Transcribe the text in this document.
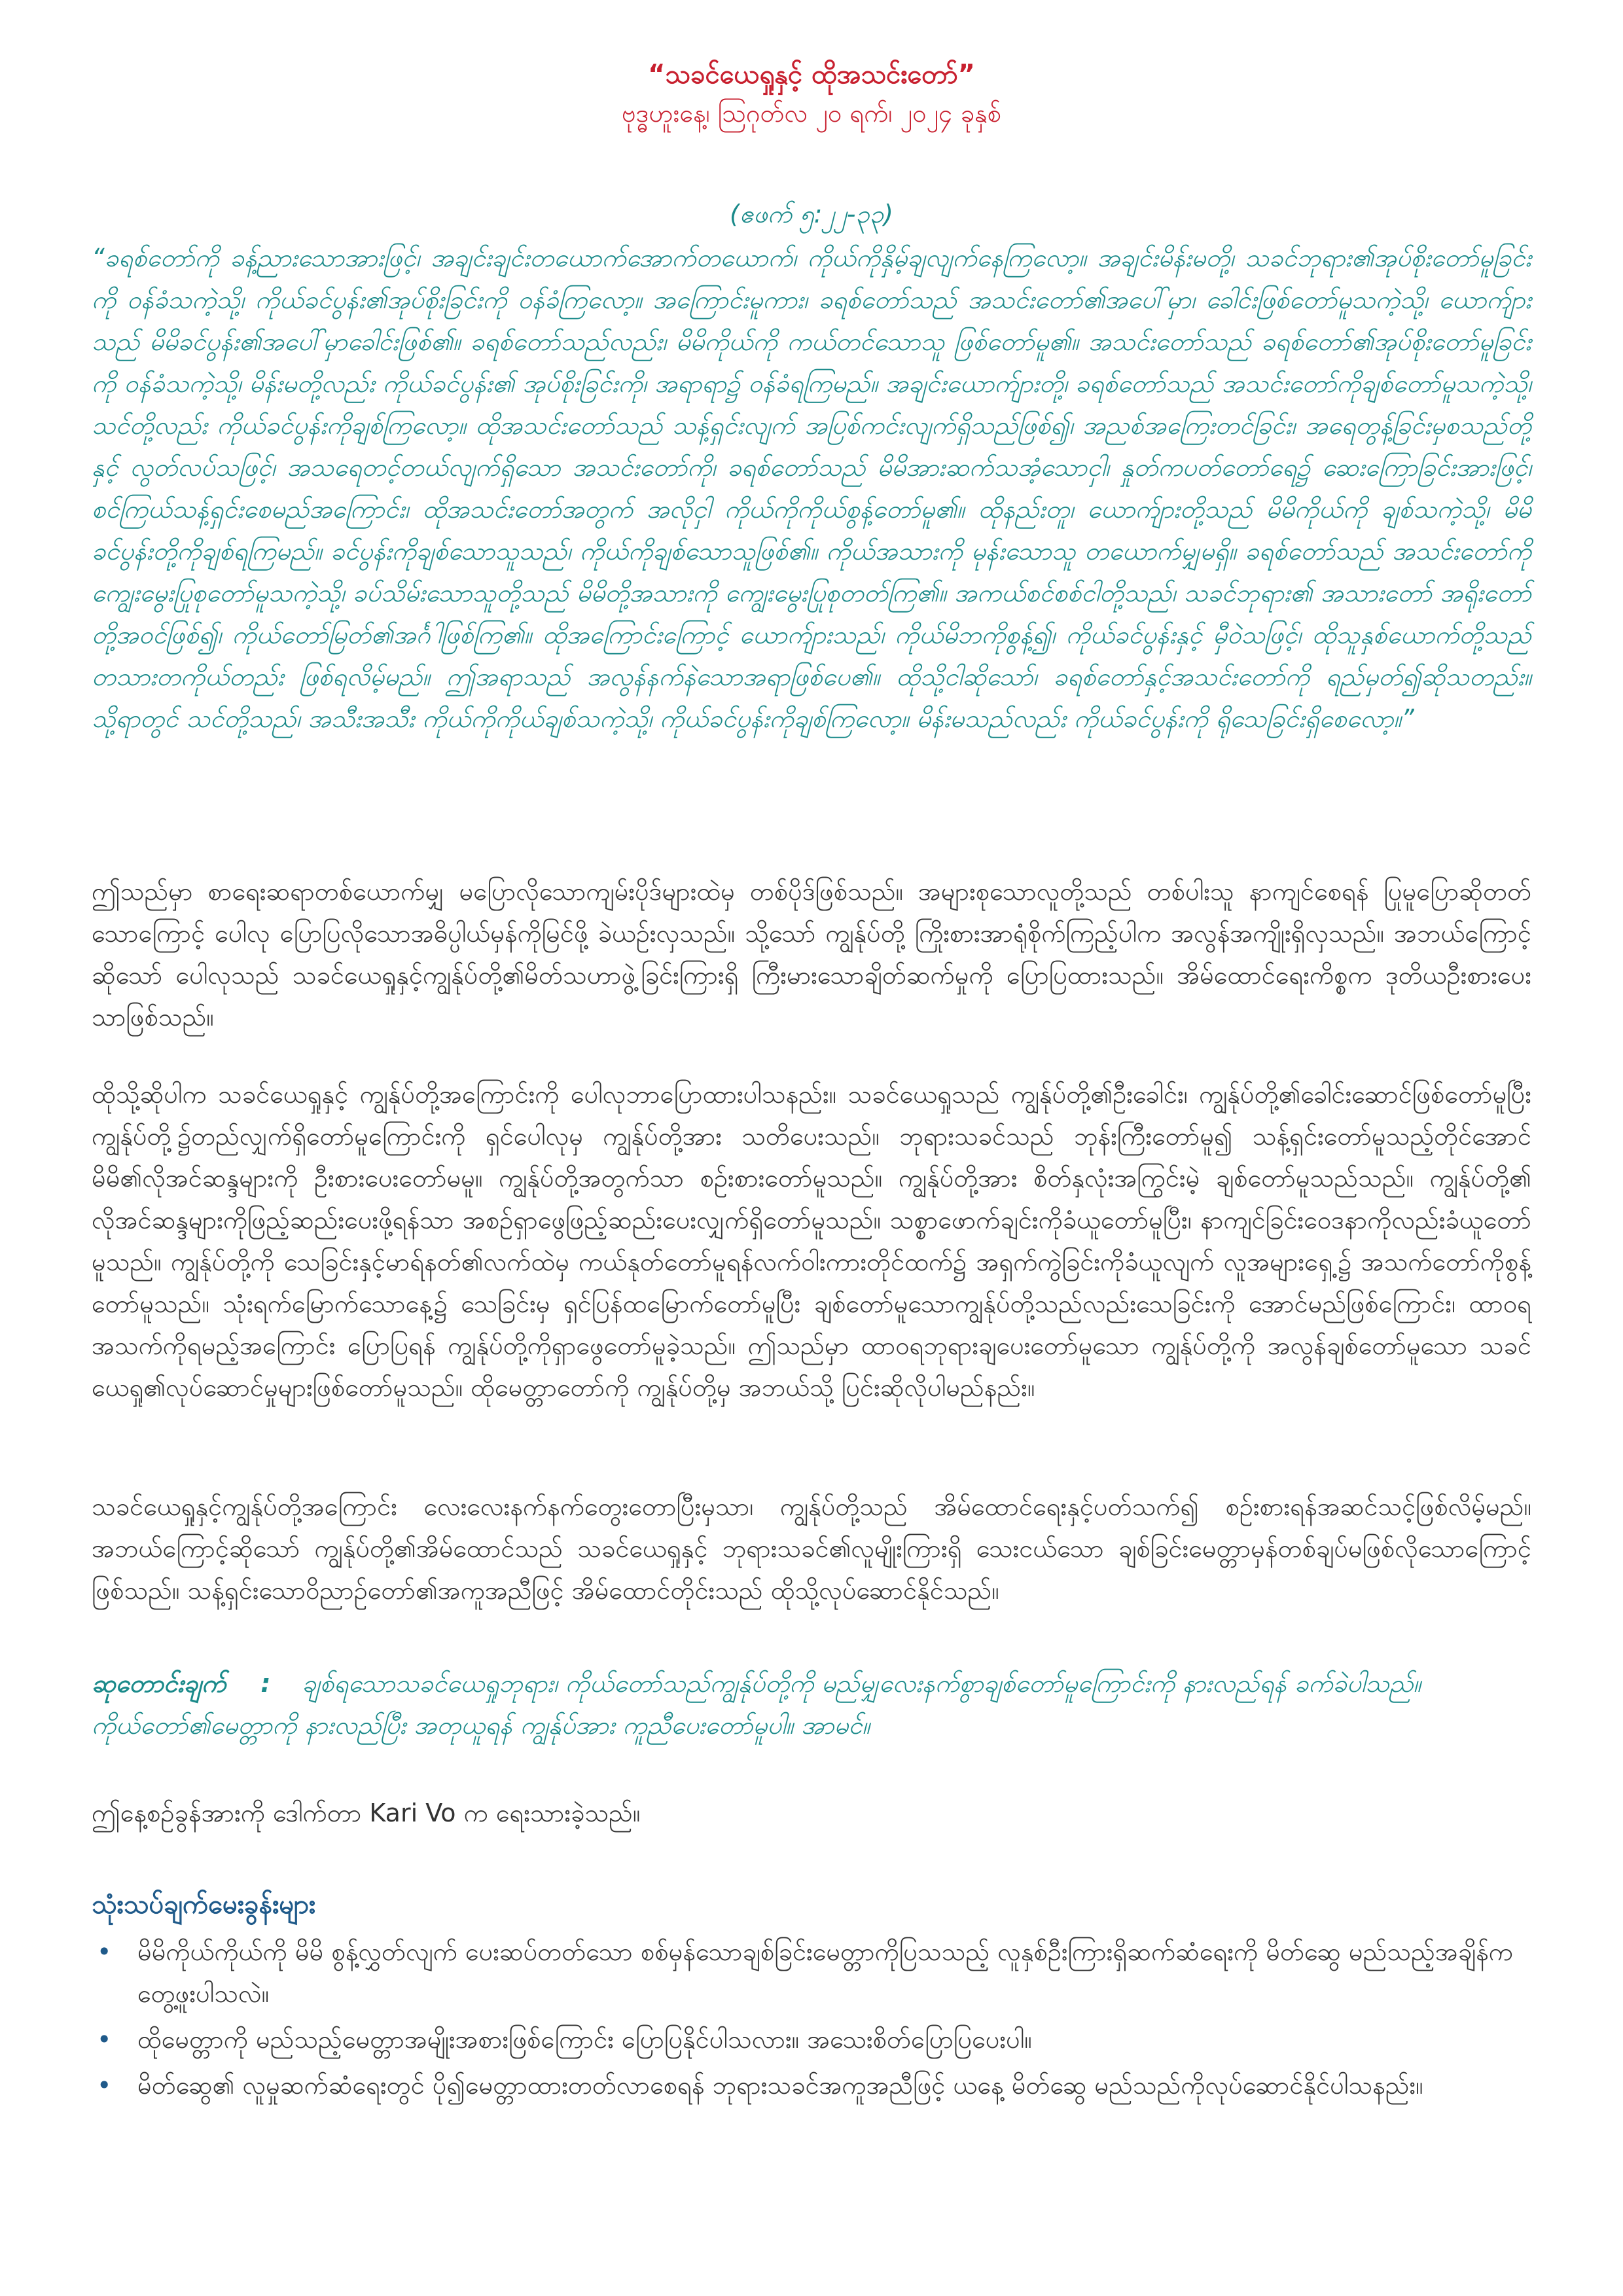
“သခင်ယေရှုနှင့် ထိုအသင်းတော်”
ဗုဒ္ဓဟူးနေ့၊ ဩဂုတ်လ ၂၀ ရက်၊ ၂၀၂၄ ခုနှစ်
(ဧဖက် ၅:၂၂-၃၃)
“ခရစ်တော်ကို ခန့်ညားသောအားဖြင့်၊ အချင်းချင်းတယောက်အောက်တယောက်၊ ကိုယ်ကိုနှိမ့်ချလျက်နေကြလော့။ အချင်းမိန်းမတို့၊ သခင်ဘုရား၏အုပ်စိုးတော်မူခြင်းကို ဝန်ခံသကဲ့သို့၊ ကိုယ်ခင်ပွန်း၏အုပ်စိုးခြင်းကို ဝန်ခံကြလော့။ အကြောင်းမူကား၊ ခရစ်တော်သည် အသင်းတော်၏အပေါ်မှာ၊ ခေါင်းဖြစ်တော်မူသကဲ့သို့၊ ယောက်ျားသည် မိမိခင်ပွန်း၏အပေါ်မှာခေါင်းဖြစ်၏။ ခရစ်တော်သည်လည်း၊ မိမိကိုယ်ကို ကယ်တင်သောသူ ဖြစ်တော်မူ၏။ အသင်းတော်သည် ခရစ်တော်၏အုပ်စိုးတော်မူခြင်းကို ဝန်ခံသကဲ့သို့၊ မိန်းမတို့လည်း ကိုယ်ခင်ပွန်း၏ အုပ်စိုးခြင်းကို၊ အရာရာ၌ ဝန်ခံရကြမည်။ အချင်းယောက်ျားတို့၊ ခရစ်တော်သည် အသင်းတော်ကိုချစ်တော်မူသကဲ့သို့၊ သင်တို့လည်း ကိုယ်ခင်ပွန်းကိုချစ်ကြလော့။ ထိုအသင်းတော်သည် သန့်ရှင်းလျက် အပြစ်ကင်းလျက်ရှိသည်ဖြစ်၍၊ အညစ်အကြေးတင်ခြင်း၊ အရေတွန့်ခြင်းမှစသည်တို့နှင့် လွတ်လပ်သဖြင့်၊ အသရေတင့်တယ်လျက်ရှိသော အသင်းတော်ကို၊ ခရစ်တော်သည် မိမိအားဆက်သအံ့သောငှါ၊ နှုတ်ကပတ်တော်ရေ၌ ဆေးကြောခြင်းအားဖြင့်၊ စင်ကြယ်သန့်ရှင်းစေမည်အကြောင်း၊ ထိုအသင်းတော်အတွက် အလိုငှါ ကိုယ်ကိုကိုယ်စွန့်တော်မူ၏။ ထိုနည်းတူ၊ ယောက်ျားတို့သည် မိမိကိုယ်ကို ချစ်သကဲ့သို့၊ မိမိခင်ပွန်းတို့ကိုချစ်ရကြမည်။ ခင်ပွန်းကိုချစ်သောသူသည်၊ ကိုယ်ကိုချစ်သောသူဖြစ်၏။ ကိုယ်အသားကို မုန်းသောသူ တယောက်မျှမရှိ။ ခရစ်တော်သည် အသင်းတော်ကို ကျွေးမွေးပြုစုတော်မူသကဲ့သို့၊ ခပ်သိမ်းသောသူတို့သည် မိမိတို့အသားကို ကျွေးမွေးပြုစုတတ်ကြ၏။ အကယ်စင်စစ်ငါတို့သည်၊ သခင်ဘုရား၏ အသားတော် အရိုးတော်တို့အဝင်ဖြစ်၍၊ ကိုယ်တော်မြတ်၏အင်္ဂါဖြစ်ကြ၏။ ထိုအကြောင်းကြောင့် ယောက်ျားသည်၊ ကိုယ်မိဘကိုစွန့်၍၊ ကိုယ်ခင်ပွန်းနှင့် မှီဝဲသဖြင့်၊ ထိုသူနှစ်ယောက်တို့သည်တသားတကိုယ်တည်း ဖြစ်ရလိမ့်မည်။ ဤအရာသည် အလွန်နက်နဲသောအရာဖြစ်ပေ၏။ ထိုသို့ငါဆိုသော်၊ ခရစ်တော်နှင့်အသင်းတော်ကို ရည်မှတ်၍ဆိုသတည်း။ သို့ရာတွင် သင်တို့သည်၊ အသီးအသီး ကိုယ်ကိုကိုယ်ချစ်သကဲ့သို့၊ ကိုယ်ခင်ပွန်းကိုချစ်ကြလော့။ မိန်းမသည်လည်း ကိုယ်ခင်ပွန်းကို ရိုသေခြင်းရှိစေလော့။”
ဤသည်မှာ စာရေးဆရာတစ်ယောက်မျှ မပြောလိုသောကျမ်းပိုဒ်များထဲမှ တစ်ပိုဒ်ဖြစ်သည်။ အများစုသောလူတို့သည် တစ်ပါးသူ နာကျင်စေရန် ပြုမူပြောဆိုတတ်သောကြောင့် ပေါလု ပြောပြလိုသောအဓိပ္ပါယ်မှန်ကိုမြင်ဖို့ ခဲယဉ်းလှသည်။ သို့သော် ကျွန်ုပ်တို့ ကြိုးစားအာရုံစိုက်ကြည့်ပါက အလွန်အကျိုးရှိလှသည်။ အဘယ်ကြောင့်ဆိုသော် ပေါလုသည် သခင်ယေရှုနှင့်ကျွန်ုပ်တို့၏မိတ်သဟာဖွဲ့ခြင်းကြားရှိ ကြီးမားသောချိတ်ဆက်မှုကို ပြောပြထားသည်။ အိမ်ထောင်ရေးကိစ္စက ဒုတိယဦးစားပေးသာဖြစ်သည်။
ထိုသို့ဆိုပါက သခင်ယေရှုနှင့် ကျွန်ုပ်တို့အကြောင်းကို ပေါလုဘာပြောထားပါသနည်း။ သခင်ယေရှုသည် ကျွန်ုပ်တို့၏ဦးခေါင်း၊ ကျွန်ုပ်တို့၏ခေါင်းဆောင်ဖြစ်တော်မူပြီး ကျွန်ုပ်တို့၌တည်လျှက်ရှိတော်မူကြောင်းကို ရှင်ပေါလုမှ ကျွန်ုပ်တို့အား သတိပေးသည်။ ဘုရားသခင်သည် ဘုန်းကြီးတော်မူ၍ သန့်ရှင်းတော်မူသည့်တိုင်အောင် မိမိ၏လိုအင်ဆန္ဒများကို ဦးစားပေးတော်မမူ။ ကျွန်ုပ်တို့အတွက်သာ စဉ်းစားတော်မူသည်။ ကျွန်ုပ်တို့အား စိတ်နှလုံးအကြွင်းမဲ့ ချစ်တော်မူသည်သည်။ ကျွန်ုပ်တို့၏ လိုအင်ဆန္ဒများကိုဖြည့်ဆည်းပေးဖို့ရန်သာ အစဉ်ရှာဖွေဖြည့်ဆည်းပေးလျှက်ရှိတော်မူသည်။ သစ္စာဖောက်ချင်းကိုခံယူတော်မူပြီး၊ နာကျင်ခြင်းဝေဒနာကိုလည်းခံယူတော်မူသည်။ ကျွန်ုပ်တို့ကို သေခြင်းနှင့်မာရ်နတ်၏လက်ထဲမှ ကယ်နုတ်တော်မူရန်လက်ဝါးကားတိုင်ထက်၌ အရှက်ကွဲခြင်းကိုခံယူလျက် လူအများရှေ့၌ အသက်တော်ကိုစွန့်တော်မူသည်။ သုံးရက်မြောက်သောနေ့၌ သေခြင်းမှ ရှင်ပြန်ထမြောက်တော်မူပြီး ချစ်တော်မူသောကျွန်ုပ်တို့သည်လည်းသေခြင်းကို အောင်မည်ဖြစ်ကြောင်း၊ ထာဝရအသက်ကိုရမည့်အကြောင်း ပြောပြရန် ကျွန်ုပ်တို့ကိုရှာဖွေတော်မူခဲ့သည်။ ဤသည်မှာ ထာဝရဘုရားချပေးတော်မူသော ကျွန်ုပ်တို့ကို အလွန်ချစ်တော်မူသော သခင်ယေရှု၏လုပ်ဆောင်မှုများဖြစ်တော်မူသည်။ ထိုမေတ္တာတော်ကို ကျွန်ုပ်တို့မှ အဘယ်သို့ ပြင်းဆိုလိုပါမည်နည်း။
သခင်ယေရှုနှင့်ကျွန်ုပ်တို့အကြောင်း လေးလေးနက်နက်တွေးတောပြီးမှသာ၊ ကျွန်ုပ်တို့သည် အိမ်ထောင်ရေးနှင့်ပတ်သက်၍ စဉ်းစားရန်အဆင်သင့်ဖြစ်လိမ့်မည်။ အဘယ်ကြောင့်ဆိုသော် ကျွန်ုပ်တို့၏အိမ်ထောင်သည် သခင်ယေရှုနှင့် ဘုရားသခင်၏လူမျိုးကြားရှိ သေးငယ်သော ချစ်ခြင်းမေတ္တာမှန်တစ်ချပ်မဖြစ်လိုသောကြောင့်ဖြစ်သည်။ သန့်ရှင်းသောဝိညာဉ်တော်၏အကူအညီဖြင့် အိမ်ထောင်တိုင်းသည် ထိုသို့လုပ်ဆောင်နိုင်သည်။
ဆုတောင်းချက် : ချစ်ရသောသခင်ယေရှုဘုရား၊ ကိုယ်တော်သည်ကျွန်ုပ်တို့ကို မည်မျှလေးနက်စွာချစ်တော်မူကြောင်းကို နားလည်ရန် ခက်ခဲပါသည်။ ကိုယ်တော်၏မေတ္တာကို နားလည်ပြီး အတုယူရန် ကျွန်ုပ်အား ကူညီပေးတော်မူပါ။ အာမင်။
ဤနေ့စဉ်ခွန်အားကို ဒေါက်တာ Kari Vo က ရေးသားခဲ့သည်။
သုံးသပ်ချက်မေးခွန်းများ
• မိမိကိုယ်ကိုယ်ကို မိမိ စွန့်လွှတ်လျက် ပေးဆပ်တတ်သော စစ်မှန်သောချစ်ခြင်းမေတ္တာကိုပြသသည့် လူနှစ်ဦးကြားရှိဆက်ဆံရေးကို မိတ်ဆွေ မည်သည့်အချိန်က တွေ့ဖူးပါသလဲ။
• ထိုမေတ္တာကို မည်သည့်မေတ္တာအမျိုးအစားဖြစ်ကြောင်း ပြောပြနိုင်ပါသလား။ အသေးစိတ်ပြောပြပေးပါ။
• မိတ်ဆွေ၏ လူမှုဆက်ဆံရေးတွင် ပို၍မေတ္တာထားတတ်လာစေရန် ဘုရားသခင်အကူအညီဖြင့် ယနေ့ မိတ်ဆွေ မည်သည်ကိုလုပ်ဆောင်နိုင်ပါသနည်း။
